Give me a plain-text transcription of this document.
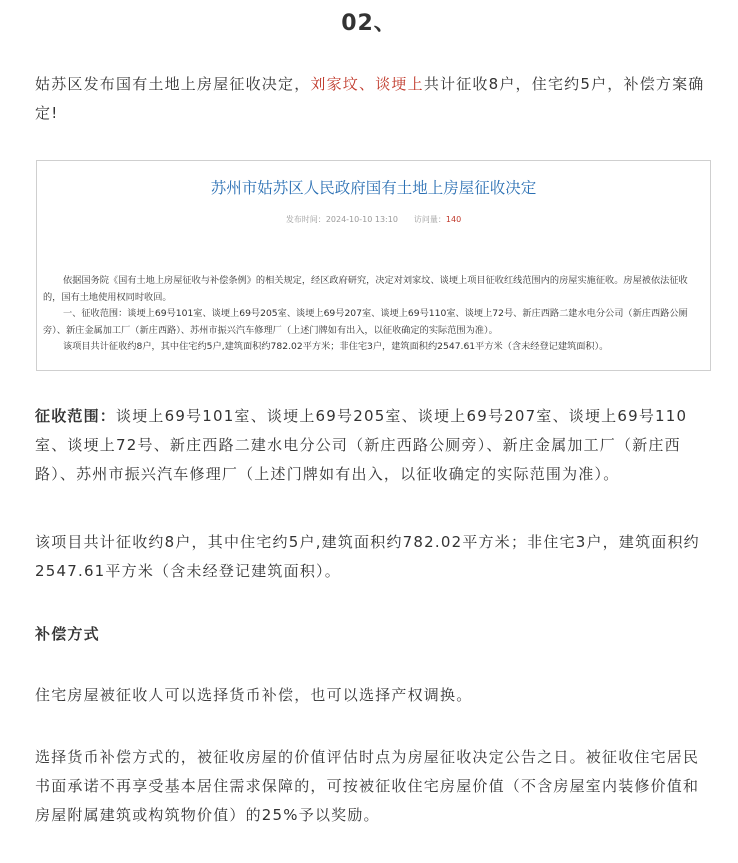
02、

姑苏区发布国有土地上房屋征收决定，刘家坟、谈埂上共计征收8户，住宅约5户，补偿方案确定!

苏州市姑苏区人民政府国有土地上房屋征收决定
发布时间：2024-10-10 13:10 访问量：140

依据国务院《国有土地上房屋征收与补偿条例》的相关规定，经区政府研究，决定对刘家坟、谈埂上项目征收红线范围内的房屋实施征收。房屋被依法征收的，国有土地使用权同时收回。

一、征收范围：谈埂上69号101室、谈埂上69号205室、谈埂上69号207室、谈埂上69号110室、谈埂上72号、新庄西路二建水电分公司（新庄西路公厕旁）、新庄金属加工厂（新庄西路）、苏州市振兴汽车修理厂（上述门牌如有出入，以征收确定的实际范围为准）。

该项目共计征收约8户，其中住宅约5户,建筑面积约782.02平方米；非住宅3户，建筑面积约2547.61平方米（含未经登记建筑面积）。

征收范围：谈埂上69号101室、谈埂上69号205室、谈埂上69号207室、谈埂上69号110室、谈埂上72号、新庄西路二建水电分公司（新庄西路公厕旁）、新庄金属加工厂（新庄西路）、苏州市振兴汽车修理厂（上述门牌如有出入，以征收确定的实际范围为准）。

该项目共计征收约8户，其中住宅约5户,建筑面积约782.02平方米；非住宅3户，建筑面积约2547.61平方米（含未经登记建筑面积）。

补偿方式

住宅房屋被征收人可以选择货币补偿，也可以选择产权调换。

选择货币补偿方式的，被征收房屋的价值评估时点为房屋征收决定公告之日。被征收住宅居民书面承诺不再享受基本居住需求保障的，可按被征收住宅房屋价值（不含房屋室内装修价值和房屋附属建筑或构筑物价值）的25%予以奖励。
